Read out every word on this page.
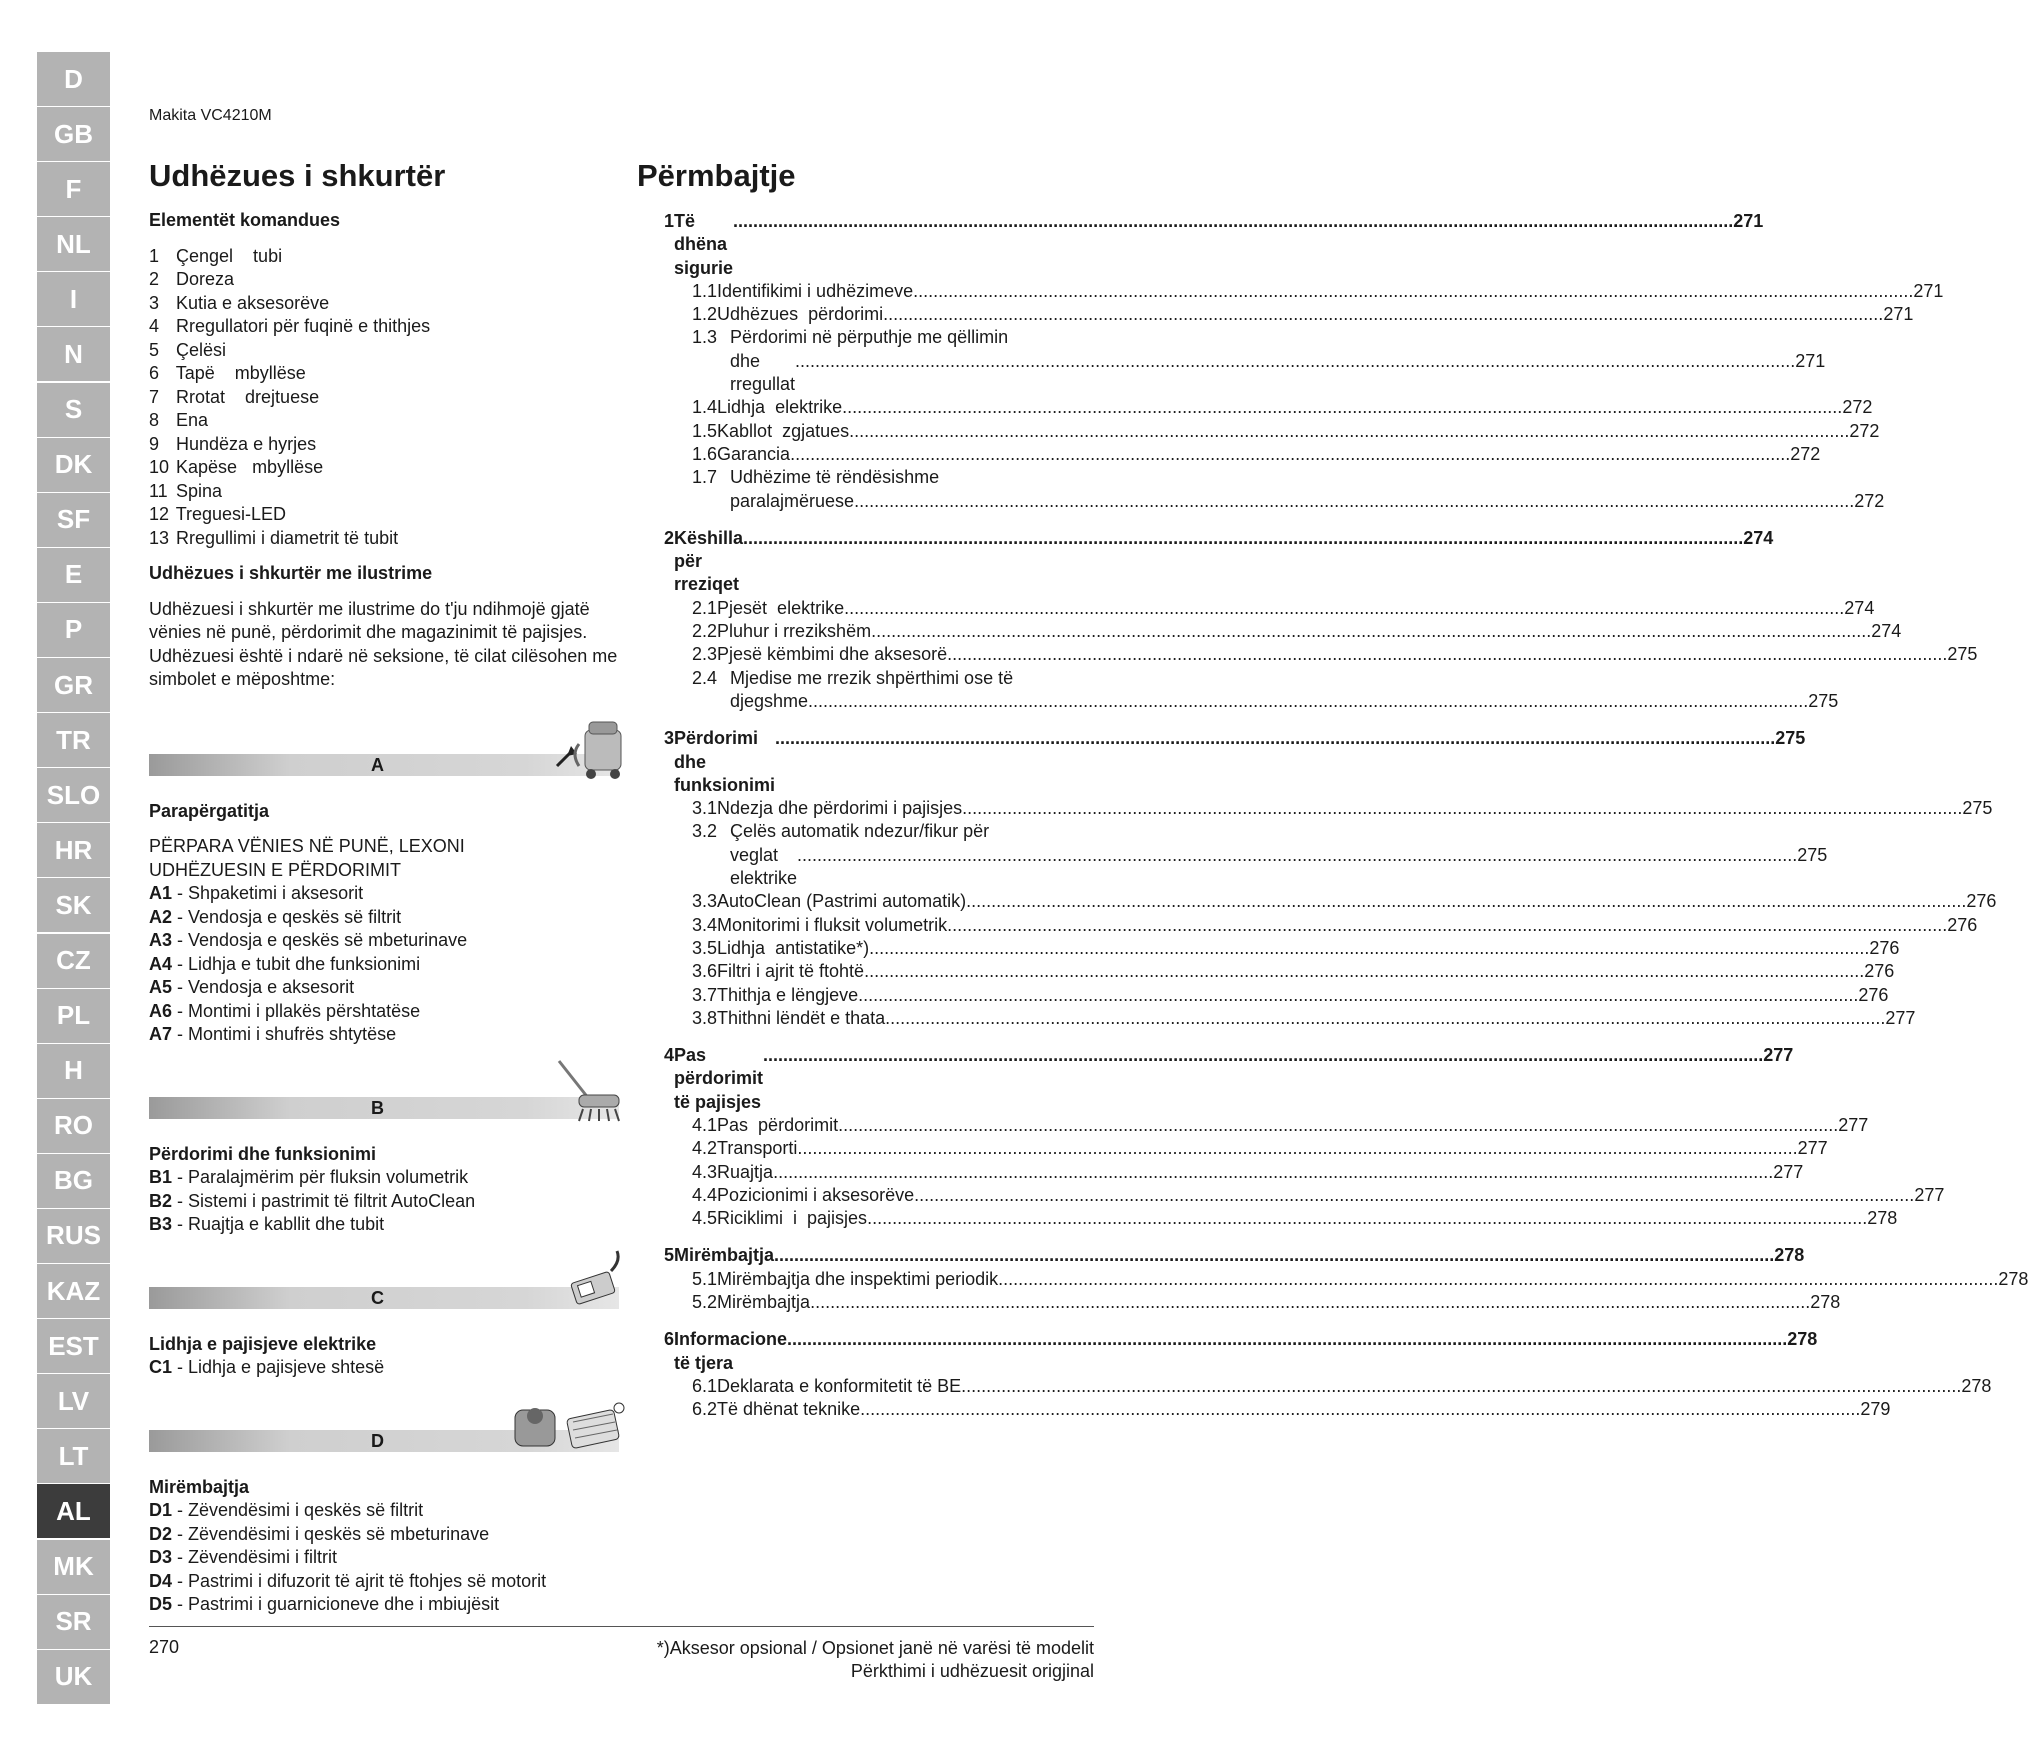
D
GB
F
NL
I
N
S
DK
SF
E
P
GR
TR
SLO
HR
SK
CZ
PL
H
RO
BG
RUS
KAZ
EST
LV
LT
AL
MK
SR
UK
Makita VC4210M
Udhëzues i shkurtër	Përmbajtje
Elementët komandues
1 Çengel    tubi
2 Doreza
3 Kutia e aksesorëve
4 Rregullatori për fuqinë e thithjes
5 Çelësi
6 Tapë    mbyllëse
7 Rrotat    drejtuese
8 Ena
9 Hundëza e hyrjes
10 Kapëse   mbyllëse
11 Spina
12 Treguesi-LED
13 Rregullimi i diametrit të tubit
Udhëzues i shkurtër me ilustrime

Udhëzuesi i shkurtër me ilustrime do t'ju ndihmojë gjatë vënies në punë, përdorimit dhe magazinimit të pajisjes. Udhëzuesi është i ndarë në seksione, të cilat cilësohen me simbolet e mëposhtme:

A
Parapërgatitja
PËRPARA VËNIES NË PUNË, LEXONI UDHËZUESIN E PËRDORIMIT
A1 - Shpaketimi i aksesorit
A2 - Vendosja e qeskës së filtrit
A3 - Vendosja e qeskës së mbeturinave
A4 - Lidhja e tubit dhe funksionimi
A5 - Vendosja e aksesorit
A6 - Montimi i pllakës përshtatëse
A7 - Montimi i shufrës shtytëse
B
Përdorimi dhe funksionimi
B1 - Paralajmërim për fluksin volumetrik
B2 - Sistemi i pastrimit të filtrit AutoClean
B3 - Ruajtja e kabllit dhe tubit
C
Lidhja e pajisjeve elektrike
C1 - Lidhja e pajisjeve shtesë
D
Mirëmbajtja
D1 - Zëvendësimi i qeskës së filtrit
D2 - Zëvendësimi i qeskës së mbeturinave
D3 - Zëvendësimi i filtrit
D4 - Pastrimi i difuzorit të ajrit të ftohjes së motorit
D5 - Pastrimi i guarnicioneve dhe i mbiujësit
1 Të dhëna sigurie
........................................................................................................................................................................................................ 271
1.1 Identifikimi i udhëzimeve ........................................................................................................................................................................................................ 271
1.2 Udhëzues  përdorimi ........................................................................................................................................................................................................ 271
1.3 Përdorimi në përputhje me qëllimin
dhe rregullat
........................................................................................................................................................................................................ 271
1.4 Lidhja  elektrike ........................................................................................................................................................................................................ 272
1.5 Kabllot  zgjatues ........................................................................................................................................................................................................ 272
1.6 Garancia ........................................................................................................................................................................................................ 272
1.7 Udhëzime të rëndësishme
paralajmëruese ........................................................................................................................................................................................................ 272
2 Këshilla për rreziqet
........................................................................................................................................................................................................ 274
2.1 Pjesët  elektrike ........................................................................................................................................................................................................ 274
2.2 Pluhur i rrezikshëm ........................................................................................................................................................................................................ 274
2.3 Pjesë këmbimi dhe aksesorë ........................................................................................................................................................................................................ 275
2.4 Mjedise me rrezik shpërthimi ose të
djegshme ........................................................................................................................................................................................................ 275
3 Përdorimi dhe funksionimi
........................................................................................................................................................................................................ 275
3.1 Ndezja dhe përdorimi i pajisjes ........................................................................................................................................................................................................ 275
3.2 Çelës automatik ndezur/fikur për
veglat elektrike
........................................................................................................................................................................................................ 275
3.3 AutoClean (Pastrimi automatik) ........................................................................................................................................................................................................ 276
3.4 Monitorimi i fluksit volumetrik ........................................................................................................................................................................................................ 276
3.5 Lidhja  antistatike*) ........................................................................................................................................................................................................ 276
3.6 Filtri i ajrit të ftohtë ........................................................................................................................................................................................................ 276
3.7 Thithja e lëngjeve ........................................................................................................................................................................................................ 276
3.8 Thithni lëndët e thata ........................................................................................................................................................................................................ 277
4 Pas përdorimit të pajisjes
........................................................................................................................................................................................................ 277
4.1 Pas  përdorimit ........................................................................................................................................................................................................ 277
4.2 Transporti ........................................................................................................................................................................................................ 277
4.3 Ruajtja ........................................................................................................................................................................................................ 277
4.4 Pozicionimi i aksesorëve ........................................................................................................................................................................................................ 277
4.5 Riciklimi  i  pajisjes ........................................................................................................................................................................................................ 278
5 Mirëmbajtja ........................................................................................................................................................................................................ 278
5.1 Mirëmbajtja dhe inspektimi periodik ........................................................................................................................................................................................................ 278
5.2 Mirëmbajtja ........................................................................................................................................................................................................ 278
6 Informacione të tjera
........................................................................................................................................................................................................ 278
6.1 Deklarata e konformitetit të BE ........................................................................................................................................................................................................ 278
6.2 Të dhënat teknike ........................................................................................................................................................................................................ 279
270	*)Aksesor opsional / Opsionet janë në varësi të modelit
Përkthimi i udhëzuesit origjinal
